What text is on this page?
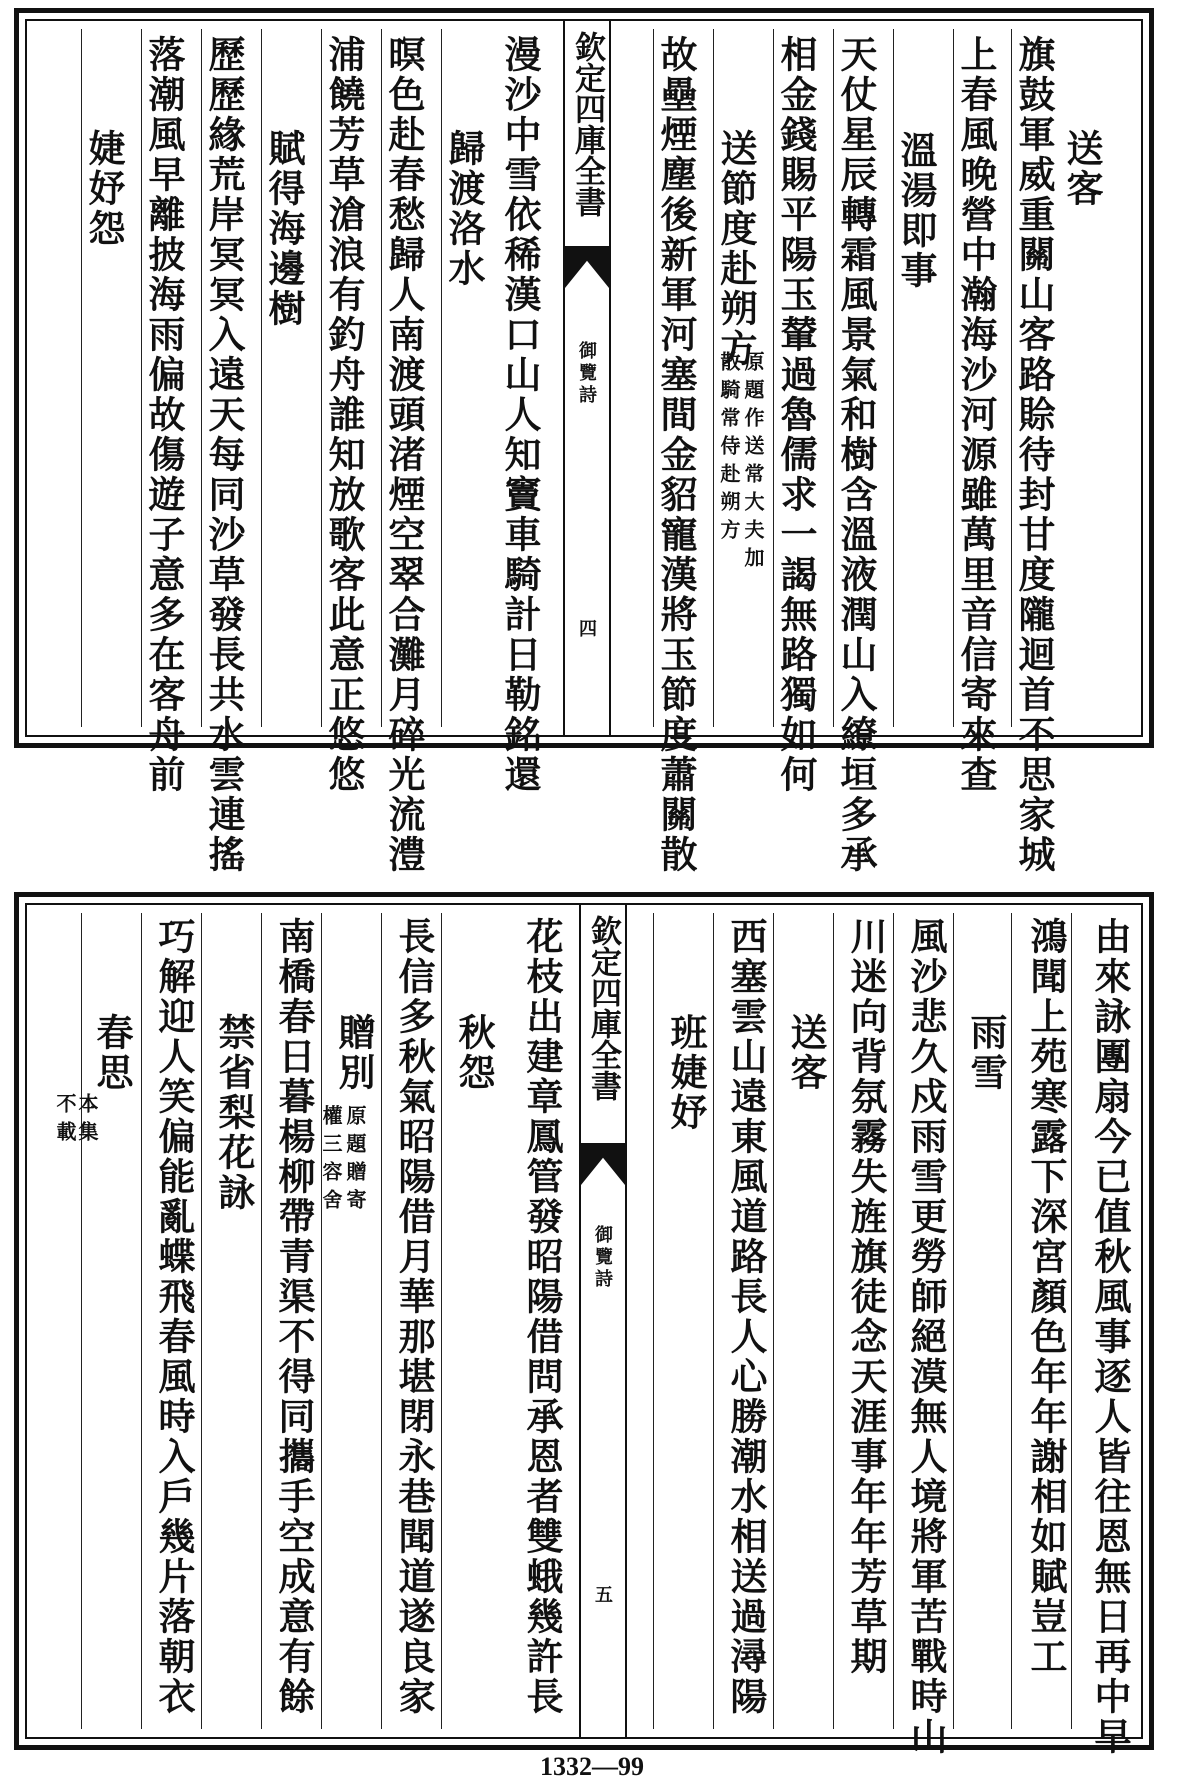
欽定四庫全書
御覽詩
四
送客
旗鼓軍威重關山客路賒待封甘度隴迴首不思家城
上春風晚營中瀚海沙河源雖萬里音信寄來查
溫湯即事
天仗星辰轉霜風景氣和樹含溫液潤山入繚垣多承
相金錢賜平陽玉輦過魯儒求一謁無路獨如何
送節度赴朔方
原題作送常大夫加
散騎常侍赴朔方
故壘煙塵後新軍河塞間金貂寵漢將玉節度蕭關散
漫沙中雪依稀漢口山人知竇車騎計日勒銘還
歸渡洛水
暝色赴春愁歸人南渡頭渚煙空翠合灘月碎光流澧
浦饒芳草滄浪有釣舟誰知放歌客此意正悠悠
賦得海邊樹
歷歷緣荒岸冥冥入遠天每同沙草發長共水雲連搖
落潮風早離披海雨偏故傷遊子意多在客舟前
婕妤怨
欽定四庫全書
御覽詩
五	由來詠團扇今已值秋風事逐人皆往恩無日再中早
鴻聞上苑寒露下深宮顏色年年謝相如賦豈工
雨雪
風沙悲久戍雨雪更勞師絕漠無人境將軍苦戰時山
川迷向背氛霧失旌旗徒念天涯事年年芳草期
送客
西塞雲山遠東風道路長人心勝潮水相送過潯陽
班婕妤
花枝出建章鳳管發昭陽借問承恩者雙蛾幾許長
秋怨
長信多秋氣昭陽借月華那堪閉永巷聞道遂良家
贈別
原題贈寄
權三容舍
南橋春日暮楊柳帶青渠不得同攜手空成意有餘
禁省梨花詠
巧解迎人笑偏能亂蝶飛春風時入戶幾片落朝衣
春思
本集
不載
1332—99
